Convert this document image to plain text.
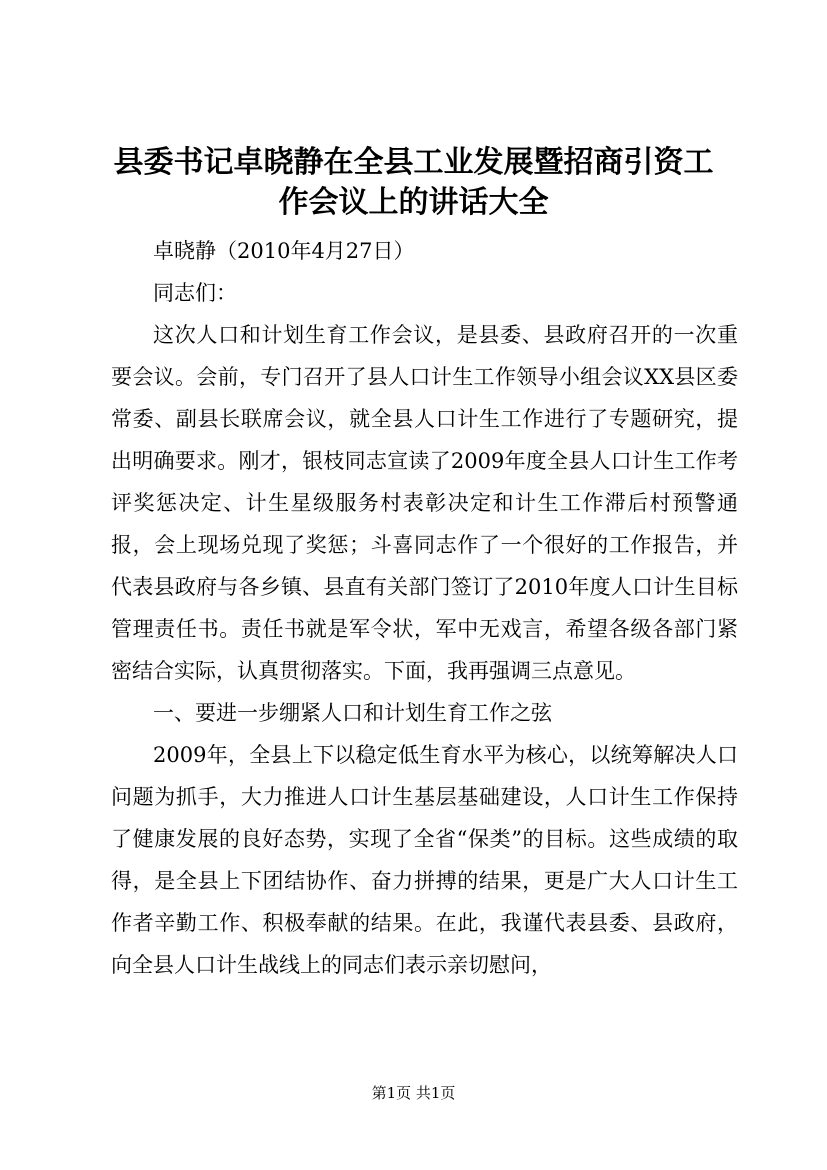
县委书记卓晓静在全县工业发展暨招商引资工作会议上的讲话大全

卓晓静（2010年4月27日）

同志们：

这次人口和计划生育工作会议，是县委、县政府召开的一次重要会议。会前，专门召开了县人口计生工作领导小组会议XX县区委常委、副县长联席会议，就全县人口计生工作进行了专题研究，提出明确要求。刚才，银枝同志宣读了2009年度全县人口计生工作考评奖惩决定、计生星级服务村表彰决定和计生工作滞后村预警通报，会上现场兑现了奖惩；斗喜同志作了一个很好的工作报告，并代表县政府与各乡镇、县直有关部门签订了2010年度人口计生目标管理责任书。责任书就是军令状，军中无戏言，希望各级各部门紧密结合实际，认真贯彻落实。下面，我再强调三点意见。

一、要进一步绷紧人口和计划生育工作之弦

2009年，全县上下以稳定低生育水平为核心，以统筹解决人口问题为抓手，大力推进人口计生基层基础建设，人口计生工作保持了健康发展的良好态势，实现了全省“保类”的目标。这些成绩的取得，是全县上下团结协作、奋力拼搏的结果，更是广大人口计生工作者辛勤工作、积极奉献的结果。在此，我谨代表县委、县政府，向全县人口计生战线上的同志们表示亲切慰问，

第1页 共1页
